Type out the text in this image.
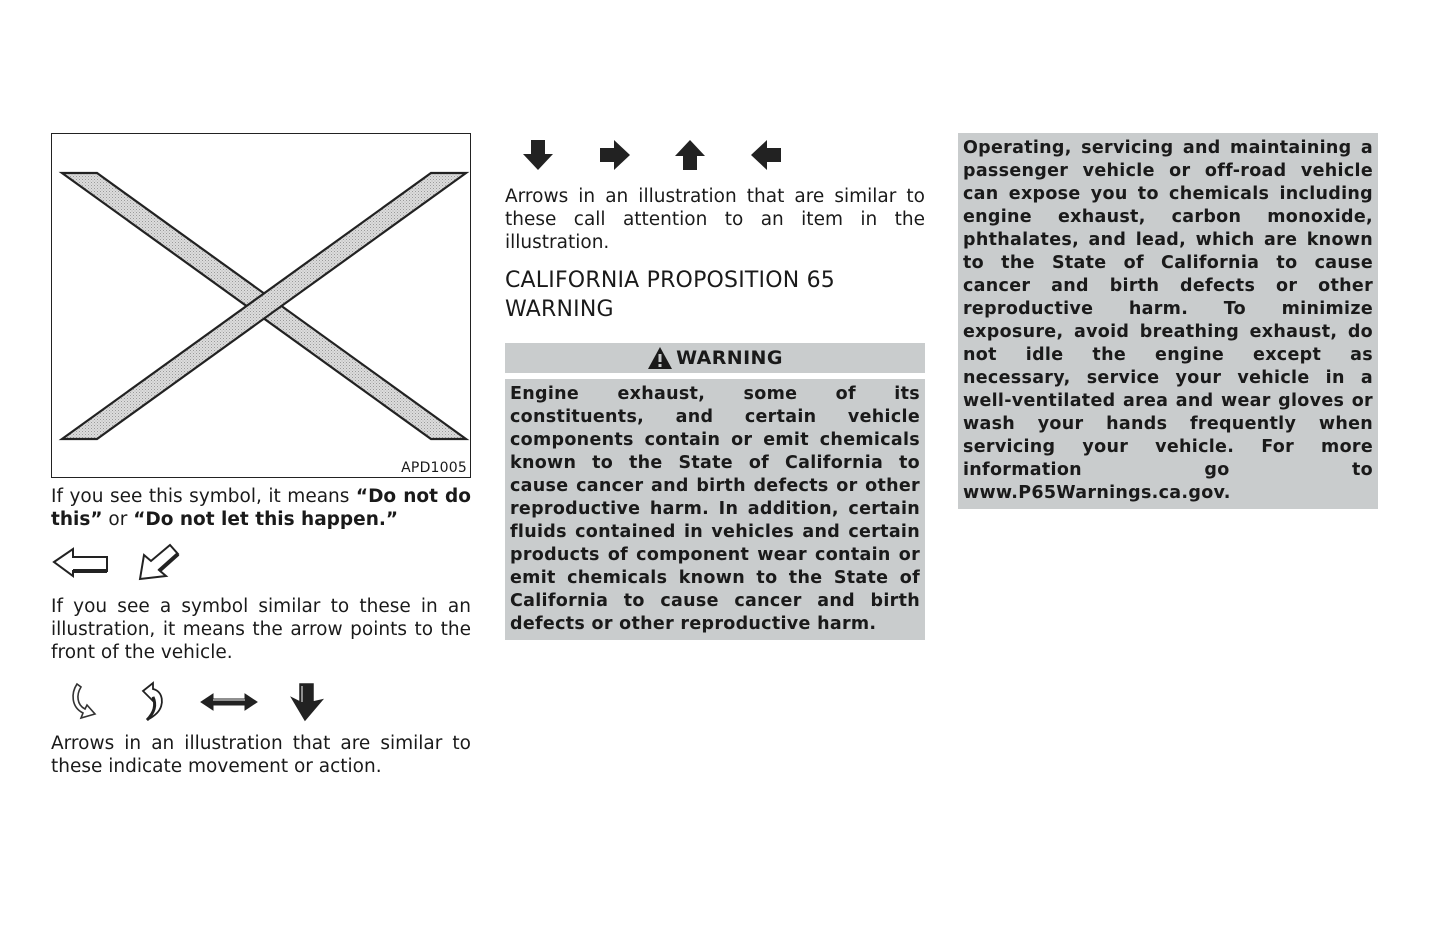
APD1005

If you see this symbol, it means “Do not do this” or “Do not let this happen.”

If you see a symbol similar to these in an illustration, it means the arrow points to the front of the vehicle.

Arrows in an illustration that are similar to these indicate movement or action.

Arrows in an illustration that are similar to these call attention to an item in the illustration.

CALIFORNIA PROPOSITION 65 WARNING
WARNING
Engine exhaust, some of its constituents, and certain vehicle components contain or emit chemicals known to the State of California to cause cancer and birth defects or other reproductive harm. In addition, certain fluids contained in vehicles and certain products of component wear contain or emit chemicals known to the State of California to cause cancer and birth defects or other reproductive harm.
Operating, servicing and maintaining a passenger vehicle or off-road vehicle can expose you to chemicals including engine exhaust, carbon monoxide, phthalates, and lead, which are known to the State of California to cause cancer and birth defects or other reproductive harm. To minimize exposure, avoid breathing exhaust, do not idle the engine except as necessary, service your vehicle in a well-ventilated area and wear gloves or wash your hands frequently when servicing your vehicle. For more information go to www.P65Warnings.ca.gov.
